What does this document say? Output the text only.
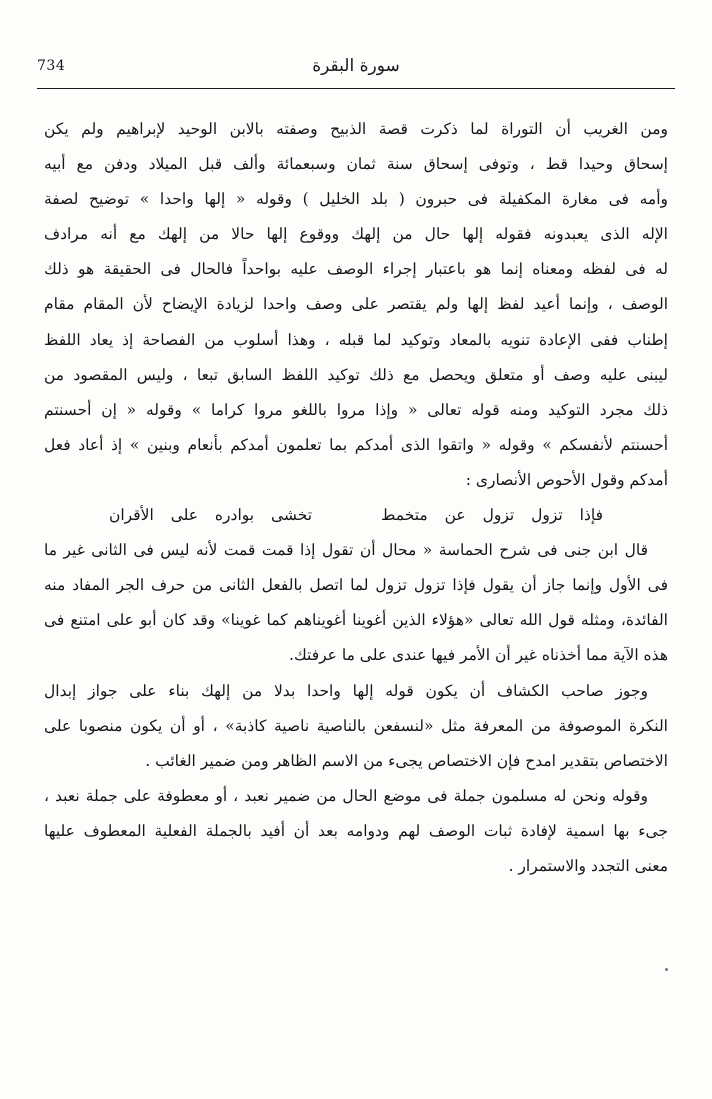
734	سورة البقرة
ومن الغريب أن التوراة لما ذكرت قصة الذبيح وصفته بالابن الوحيد لإبراهيم ولم يكن
إسحاق وحيدا قط ، وتوفى إسحاق سنة ثمان وسبعمائة وألف قبل الميلاد ودفن مع أبيه
وأمه فى مغارة المكفيلة فى حبرون ( بلد الخليل ) وقوله « إلها واحدا » توضيح لصفة
الإله الذى يعبدونه فقوله إلها حال من إلهك ووقوع إلها حالا من إلهك مع أنه مرادف
له فى لفظه ومعناه إنما هو باعتبار إجراء الوصف عليه بواحداً فالحال فى الحقيقة هو ذلك
الوصف ، وإنما أعيد لفظ إلها ولم يقتصر على وصف واحدا لزيادة الإيضاح لأن المقام مقام
إطناب ففى الإعادة تنويه بالمعاد وتوكيد لما قبله ، وهذا أسلوب من الفصاحة إذ يعاد اللفظ
ليبنى عليه وصف أو متعلق ويحصل مع ذلك توكيد اللفظ السابق تبعا ، وليس المقصود من
ذلك مجرد التوكيد ومنه قوله تعالى « وإذا مروا باللغو مروا كراما » وقوله « إن أحسنتم
أحسنتم لأنفسكم » وقوله « واتقوا الذى أمدكم بما تعلمون أمدكم بأنعام وبنين » إذ أعاد فعل
أمدكم وقول الأحوص الأنصارى :
فإذا تزول تزول عن متخمط تخشى بوادره على الأقران
قال ابن جنى فى شرح الحماسة « محال أن تقول إذا قمت قمت لأنه ليس فى الثانى غير ما
فى الأول وإنما جاز أن يقول فإذا تزول تزول لما اتصل بالفعل الثانى من حرف الجر المفاد منه
الفائدة، ومثله قول الله تعالى «هؤلاء الذين أغوينا أغويناهم كما غوينا» وقد كان أبو على امتنع فى
هذه الآية مما أخذناه غير أن الأمر فيها عندى على ما عرفتك.
وجوز صاحب الكشاف أن يكون قوله إلها واحدا بدلا من إلهك بناء على جواز إبدال
النكرة الموصوفة من المعرفة مثل «لنسفعن بالناصية ناصية كاذبة» ، أو أن يكون منصوبا على
الاختصاص بتقدير امدح فإن الاختصاص يجىء من الاسم الظاهر ومن ضمير الغائب .
وقوله ونحن له مسلمون جملة فى موضع الحال من ضمير نعبد ، أو معطوفة على جملة نعبد ،
جىء بها اسمية لإفادة ثبات الوصف لهم ودوامه بعد أن أفيد بالجملة الفعلية المعطوف عليها
معنى التجدد والاستمرار .
